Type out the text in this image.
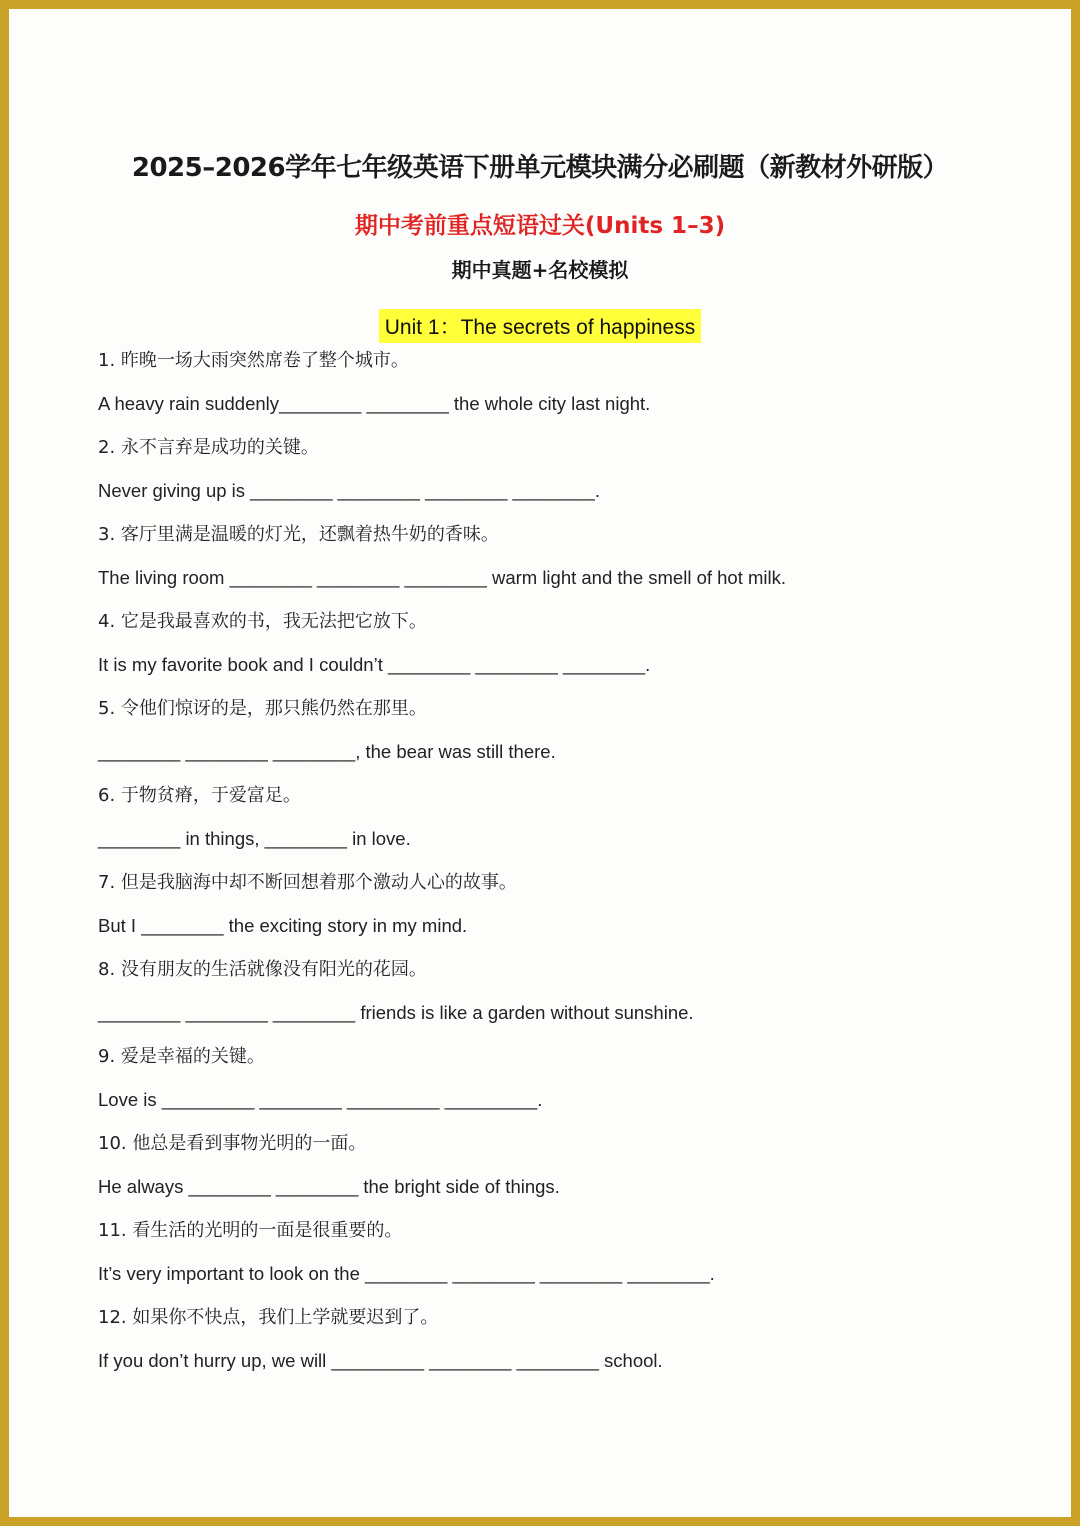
2025–2026学年七年级英语下册单元模块满分必刷题（新教材外研版）
期中考前重点短语过关(Units 1–3)
期中真题+名校模拟
Unit 1：The secrets of happiness
1. 昨晚一场大雨突然席卷了整个城市。
A heavy rain suddenly________ ________ the whole city last night.
2. 永不言弃是成功的关键。
Never giving up is ________ ________ ________ ________.
3. 客厅里满是温暖的灯光，还飘着热牛奶的香味。
The living room ________ ________ ________ warm light and the smell of hot milk.
4. 它是我最喜欢的书，我无法把它放下。
It is my favorite book and I couldn’t ________ ________ ________.
5. 令他们惊讶的是，那只熊仍然在那里。
________ ________ ________, the bear was still there.
6. 于物贫瘠，于爱富足。
________ in things, ________ in love.
7. 但是我脑海中却不断回想着那个激动人心的故事。
But I ________ the exciting story in my mind.
8. 没有朋友的生活就像没有阳光的花园。
________ ________ ________ friends is like a garden without sunshine.
9. 爱是幸福的关键。
Love is _________ ________ _________ _________.
10. 他总是看到事物光明的一面。
He always ________ ________ the bright side of things.
11. 看生活的光明的一面是很重要的。
It’s very important to look on the ________ ________ ________ ________.
12. 如果你不快点，我们上学就要迟到了。
If you don’t hurry up, we will _________ ________ ________ school.
